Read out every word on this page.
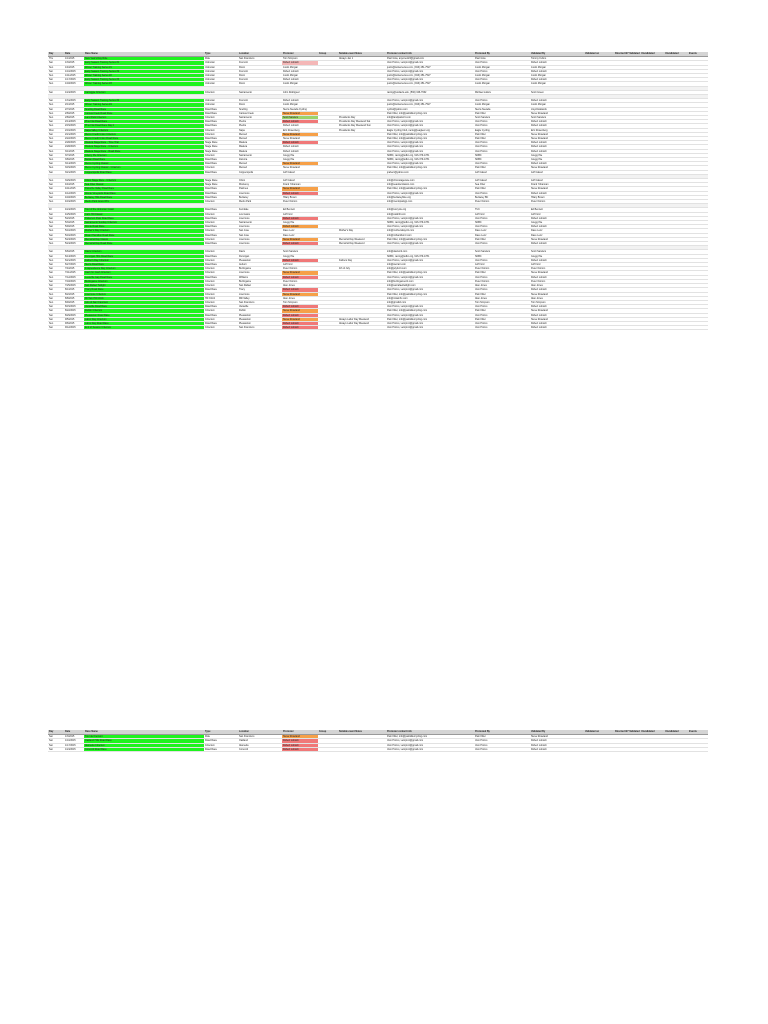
Day	Date	Race Name	Type	Location	Promoter	Group	Notable event Notes	Promoter contact info	Promoted By	Validated By	Validated on	Directed 9/7 Validated	Unvalidated	Unvalidated	Events
Thu	1/1/2015	New Year's Day Ride	Ride	San Francisco	Tom Simpson		Always Jan 1	Paul Gina, anyone123@gmail.com	Paul Gina	Tommy Kuhns					
Sat	1/3/2015	Early Season Training Series #1	Unknown	Fremont	Robert Lobosh			Velo Promo, velopro1@gmail.com	Velo Promo	Robert Lobosh					
Sun	1/4/2015	Winter Training Series #1	Unknown	Dixon	Justin Morgan			justin@winterseries.com, (916) 451-7527	Justin Morgan	Justin Morgan					
Sat	1/10/2015	Early Season Training Series #2	Unknown	Fremont	Robert Lobosh			Velo Promo, velopro1@gmail.com	Velo Promo	Robert Lobosh					
Sun	1/11/2015	Winter Training Series #2	Unknown	Dixon	Justin Morgan			justin@winterseries.com, (916) 451-7527	Justin Morgan	Justin Morgan					
Sat	1/17/2015	Early Season Training Series #3	Unknown	Fremont	Robert Lobosh			Velo Promo, velopro1@gmail.com	Velo Promo	Robert Lobosh					
Sun	1/18/2015	Winter Training Series #3	Unknown	Dixon	Justin Morgan			justin@winterseries.com, (916) 451-7527	Justin Morgan	Justin Morgan					

Sat	1/24/2015	Cal Aggie Criterium	Criterium	Sacramento	John Rodriguez			racing@ucdavis.edu, (530) 346-7662	Michael Lutkov	Scott Green					

Sat	1/31/2015	Early Season Training Series #4	Unknown	Fremont	Robert Lobosh			Velo Promo, velopro1@gmail.com	Velo Promo	Robert Lobosh					
Sun	2/1/2015	Winter Training Series #4	Unknown	Dixon	Justin Morgan			justin@winterseries.com, (916) 451-7527	Justin Morgan	Justin Morgan					
Sat	2/7/2015	Snelling Road Race	Road Race	Snelling	Sierra Nevada Cycling			cyclist@yahoo.com	Sierra Nevada	Lloyd Edwards					
Sun	2/8/2015	Cantua Creek Road Race	Road Race	Cantua Creek	Steve Roseland			Pain Killer, info@painkillercycling.com	Pain Killer	Steve Roseland					
Sun	2/8/2015	Land Park Criterium	Criterium	Sacramento	Scott Sanders		Presidents Day	info@landparkcrit.com	Scott Sanders	Scott Sanders					
Sat	2/14/2015	Pine Flat Road Race	Road Race	Piedra	Robert Lobosh		Presidents Day Weekend Sat	Velo Promo, velopro1@gmail.com	Velo Promo	Robert Lobosh					
Sun	2/15/2015	Pine Flat Road Race Day 2	Road Race	Piedra	Robert Lobosh		Presidents Day Weekend Sun	Velo Promo, velopro1@gmail.com	Velo Promo	Robert Lobosh					
Mon	2/16/2015	Napa Valley Criterium	Criterium	Napa	Eric Rosenberg		Presidents Day	Eagle Cycling Club, racing@eaglecc.org	Eagle Cycling	Eric Rosenberg					
Sat	2/21/2015	Merco Credit Union Criterium	Criterium	Merced	Steve Roseland			Pain Killer, info@painkillercycling.com	Pain Killer	Steve Roseland					
Sun	2/22/2015	Merco Credit Union Road Race	Road Race	Merced	Steve Roseland			Pain Killer, info@painkillercycling.com	Pain Killer	Steve Roseland					
Sat	2/28/2015	Madera Stage Race - Time Trial	Stage Race	Madera	Robert Lobosh			Velo Promo, velopro1@gmail.com	Velo Promo	Robert Lobosh					
Sat	2/28/2015	Madera Stage Race - Criterium	Stage Race	Madera	Robert Lobosh			Velo Promo, velopro1@gmail.com	Velo Promo	Robert Lobosh					
Sun	3/1/2015	Madera Stage Race - Road Race	Stage Race	Madera	Robert Lobosh			Velo Promo, velopro1@gmail.com	Velo Promo	Robert Lobosh					
Sat	3/7/2015	Cherry Pie Criterium	Criterium	Sacramento	Gregg Ihle			SDBC, racing@sdbc.org, 916-379-1781	SDBC	Gregg Ihle					
Sun	3/8/2015	Bariani Road Race	Road Race	Zamora	Gregg Ihle			SDBC, racing@sdbc.org, 916-379-1781	SDBC	Gregg Ihle					
Sat	3/14/2015	Merco Cycling Classic	Road Race	Merced	Steve Roseland			Velo Promo, velopro1@gmail.com	Velo Promo	Robert Lobosh					
Sun	3/15/2015	Merco Cycling Classic - Criterium	Criterium	Merced	Steve Roseland			Pain Killer, info@painkillercycling.com	Pain Killer	Steve Roseland					
Sat	3/21/2015	Copperopolis Road Race	Road Race	Copperopolis	Jeff Calvert			jcalvert@yahoo.com	Jeff Calvert	Jeff Calvert					

Sun	3/29/2015	Chico Stage Race - Criterium	Stage Race	Chico	Jeff Calvert			info@chicostagerace.com	Jeff Calvert	Jeff Calvert					
Sat	4/4/2015	Sea Otter Classic	Stage Race	Monterey	Frank Yohannan			info@seaotterclassic.com	Sea Otter	Frank Yohannan					
Sat	4/11/2015	Panoche Valley Road Race	Road Race	Paicines	Steve Roseland			Pain Killer, info@painkillercycling.com	Pain Killer	Steve Roseland					
Sun	4/12/2015	Wente Vineyards Road Race	Road Race	Livermore	Robert Lobosh			Velo Promo, velopro1@gmail.com	Velo Promo	Robert Lobosh					
Sat	4/18/2015	Berkeley Hills Road Race	Road Race	Berkeley	Hilary Brown			info@berkeleybike.org	Berkeley BC	Hilary Brown					
Sun	4/19/2015	Menlo Park Grand Prix	Criterium	Menlo Park	Peter Ostrom			info@menloparkgp.com	Peter Ostrom	Peter Ostrom					

Fri	4/24/2015	Tour of the Unknown Coast	Road Race	Ferndale	Ed Bennett			info@tuccycle.org	TUC	Ed Bennett					
Sat	4/25/2015	Cat's Hill Classic	Criterium	Los Gatos	Jeff Ford			info@catshill.com	Jeff Ford	Jeff Ford					
Sat	5/2/2015	Patterson Pass Road Race	Road Race	Livermore	Robert Lobosh			Velo Promo, velopro1@gmail.com	Velo Promo	Robert Lobosh					
Sun	5/3/2015	Sacramento Sunday Criterium	Criterium	Sacramento	Gregg Ihle			SDBC, racing@sdbc.org, 916-379-1781	SDBC	Gregg Ihle					
Sat	5/9/2015	Wente Road Race	Road Race	Livermore	Robert Lobosh			Velo Promo, velopro1@gmail.com	Velo Promo	Robert Lobosh					
Sun	5/10/2015	Mother's Day Criterium	Criterium	San Jose	Dave Lenz		Mother's Day	info@mothersdaycrit.com	Dave Lenz	Dave Lenz					
Sat	5/16/2015	Mount Hamilton Road Race	Road Race	San Jose	Dave Lenz			info@mthamiltonrr.com	Dave Lenz	Dave Lenz					
Sat	5/23/2015	Memorial Day Classic	Criterium	Livermore	Steve Roseland		Memorial Day Weekend	Pain Killer, info@painkillercycling.com	Pain Killer	Steve Roseland					
Sun	5/24/2015	Memorial Day Road Race	Road Race	Livermore	Robert Lobosh		Memorial Day Weekend	Velo Promo, velopro1@gmail.com	Velo Promo	Robert Lobosh					

Sat	6/6/2015	Davis Criterium	Criterium	Davis	Scott Sanders			info@daviscrit.com	Scott Sanders	Scott Sanders					
Sat	6/13/2015	Dunnigan Hills Road Race	Road Race	Dunnigan	Gregg Ihle			SDBC, racing@sdbc.org, 916-379-1781	SDBC	Gregg Ihle					
Sun	6/21/2015	Father's Day Criterium	Criterium	Pleasanton	Robert Lobosh		Fathers Day	Velo Promo, velopro1@gmail.com	Velo Promo	Robert Lobosh					
Sat	6/27/2015	Sierra Road Race	Road Race	Auburn	Jeff Ford			info@sierrarr.com	Jeff Ford	Jeff Ford					
Sat	7/4/2015	Independence Day Criterium	Criterium	Burlingame	Peter Ostrom		4th of July	info@july4crit.com	Peter Ostrom	Peter Ostrom					
Sat	7/11/2015	Dash for Cash Criterium	Criterium	Livermore	Steve Roseland			Pain Killer, info@painkillercycling.com	Pain Killer	Steve Roseland					
Sun	7/12/2015	Leesville Gap Road Race	Road Race	Williams	Robert Lobosh			Velo Promo, velopro1@gmail.com	Velo Promo	Robert Lobosh					
Sat	7/18/2015	Burlingame Criterium	Criterium	Burlingame	Peter Ostrom			info@burlingamecrit.com	Peter Ostrom	Peter Ostrom					
Sat	7/25/2015	San Rafael Twilight	Criterium	San Rafael	Alan Jones			info@sanrafaeltwilight.com	Alan Jones	Alan Jones					
Sat	8/1/2015	Tracy Road Race	Road Race	Tracy	Robert Lobosh			Velo Promo, velopro1@gmail.com	Velo Promo	Robert Lobosh					
Sun	8/2/2015	Livermore Criterium	Criterium	Livermore	Steve Roseland			Pain Killer, info@painkillercycling.com	Pain Killer	Steve Roseland					
Sat	8/8/2015	Mt Tam Hill Climb	Hill Climb	Mill Valley	Alan Jones			info@mttamhc.com	Alan Jones	Alan Jones					
Sun	8/9/2015	Giro di San Francisco	Criterium	San Francisco	Tom Simpson			info@girodisf.com	Tom Simpson	Tom Simpson					
Sat	8/15/2015	Vacaville Road Race	Road Race	Vacaville	Robert Lobosh			Velo Promo, velopro1@gmail.com	Velo Promo	Robert Lobosh					
Sat	8/22/2015	Dublin Criterium	Criterium	Dublin	Steve Roseland			Pain Killer, info@painkillercycling.com	Pain Killer	Steve Roseland					
Sat	8/29/2015	Pleasanton Road Race	Road Race	Pleasanton	Robert Lobosh			Velo Promo, velopro1@gmail.com	Velo Promo	Robert Lobosh					
Sat	9/5/2015	Labor Day Criterium	Criterium	Pleasanton	Steve Roseland		Always Labor Day Weekend	Pain Killer, info@painkillercycling.com	Pain Killer	Steve Roseland					
Sun	9/6/2015	Labor Day Road Race	Road Race	Pleasanton	Robert Lobosh		Always Labor Day Weekend	Velo Promo, velopro1@gmail.com	Velo Promo	Robert Lobosh					
Sat	9/12/2015	End of Season Criterium	Criterium	San Francisco	Robert Lobosh			Velo Promo, velopro1@gmail.com	Velo Promo	Robert Lobosh					
Day	Date	Race Name	Type	Location	Promoter	Group	Notable event Notes	Promoter contact info	Promoted By	Validated By	Validated on	Directed 9/7 Validated	Unvalidated	Unvalidated	Events
Sat	1/3/2015	Tour de Fremont	Ride	San Francisco	Steve Roseland			Pain Killer, info@painkillercycling.com	Pain Killer	Steve Roseland					
Sat	1/10/2015	Oakland Hills Road Race	Road Race	Oakland	Robert Lobosh			Velo Promo, velopro1@gmail.com	Velo Promo	Robert Lobosh					
Sat	1/17/2015	Alameda Criterium	Criterium	Alameda	Robert Lobosh			Velo Promo, velopro1@gmail.com	Velo Promo	Robert Lobosh					
Sat	1/24/2015	Concord Road Race	Road Race	Concord	Robert Lobosh			Velo Promo, velopro1@gmail.com	Velo Promo	Robert Lobosh					
